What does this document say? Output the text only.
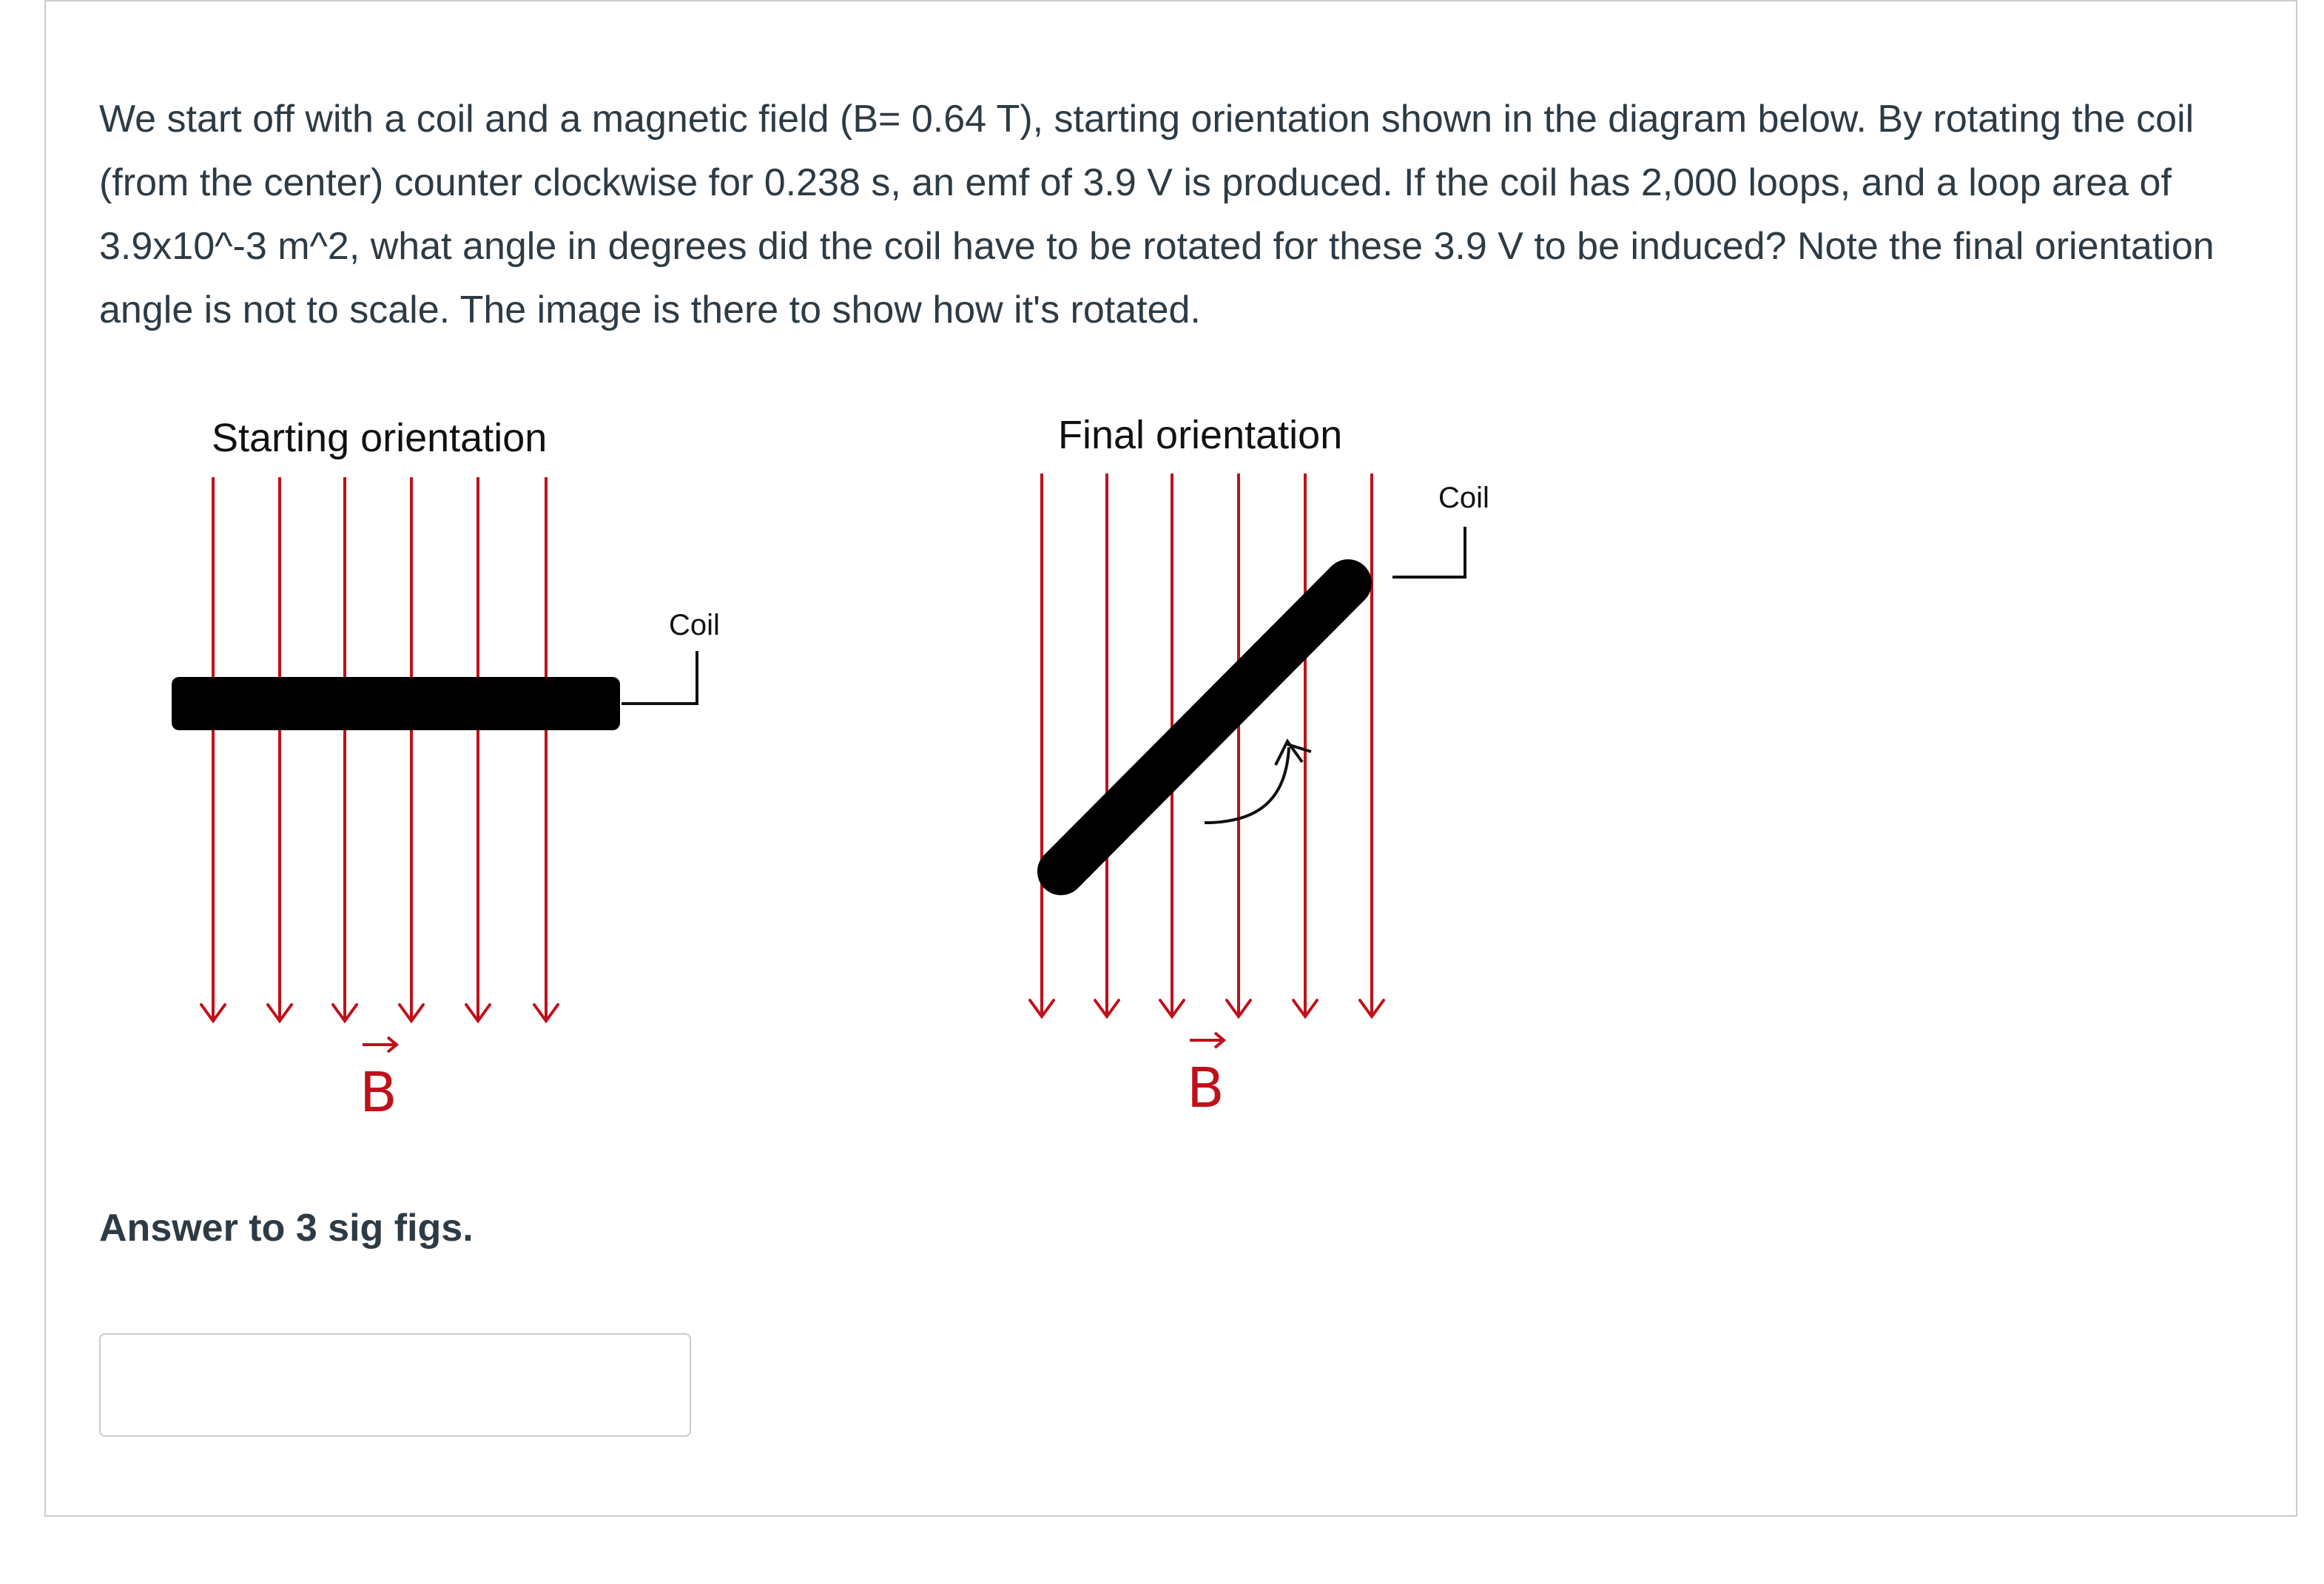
We start off with a coil and a magnetic field (B= 0.64 T), starting orientation shown in the diagram below. By rotating the coil (from the center) counter clockwise for 0.238 s, an emf of 3.9 V is produced. If the coil has 2,000 loops, and a loop area of 3.9x10^-3 m^2, what angle in degrees did the coil have to be rotated for these 3.9 V to be induced? Note the final orientation angle is not to scale. The image is there to show how it's rotated.

Starting orientation
Coil
B
Final orientation
Coil
B

Answer to 3 sig figs.
